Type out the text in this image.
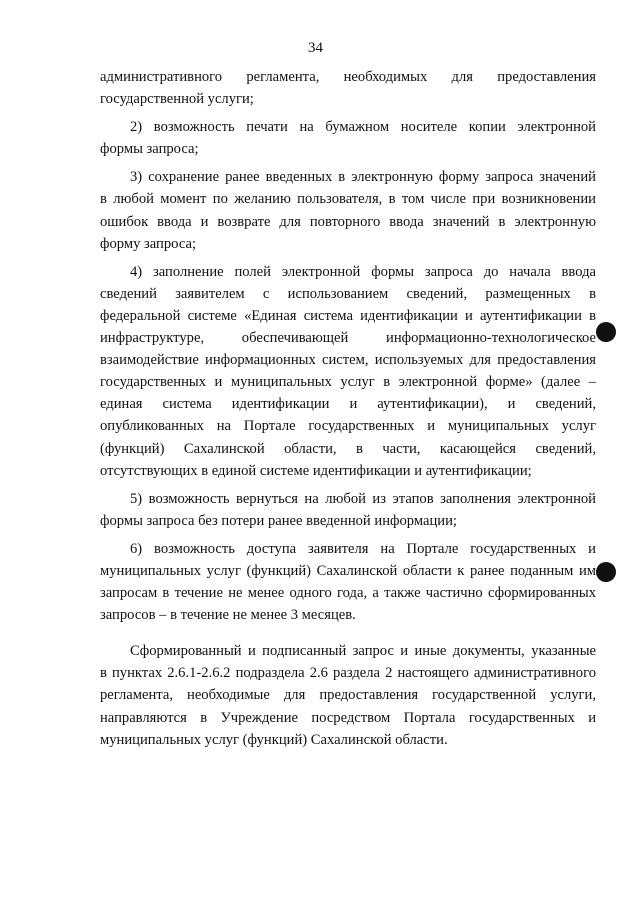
34
административного регламента, необходимых для предоставления
государственной услуги;
2) возможность печати на бумажном носителе копии электронной
формы запроса;
3) сохранение ранее введенных в электронную форму запроса значений
в любой момент по желанию пользователя, в том числе при возникновении
ошибок ввода и возврате для повторного ввода значений в электронную
форму запроса;
4) заполнение полей электронной формы запроса до начала ввода
сведений заявителем с использованием сведений, размещенных в
федеральной системе «Единая система идентификации и аутентификации в
инфраструктуре, обеспечивающей информационно-технологическое
взаимодействие информационных систем, используемых для предоставления
государственных и муниципальных услуг в электронной форме» (далее –
единая система идентификации и аутентификации), и сведений,
опубликованных на Портале государственных и муниципальных услуг
(функций) Сахалинской области, в части, касающейся сведений,
отсутствующих в единой системе идентификации и аутентификации;
5) возможность вернуться на любой из этапов заполнения электронной
формы запроса без потери ранее введенной информации;
6) возможность доступа заявителя на Портале государственных и
муниципальных услуг (функций) Сахалинской области к ранее поданным им
запросам в течение не менее одного года, а также частично сформированных
запросов – в течение не менее 3 месяцев.
Сформированный и подписанный запрос и иные документы, указанные
в пунктах 2.6.1-2.6.2 подраздела 2.6 раздела 2 настоящего административного
регламента, необходимые для предоставления государственной услуги,
направляются в Учреждение посредством Портала государственных и
муниципальных услуг (функций) Сахалинской области.
